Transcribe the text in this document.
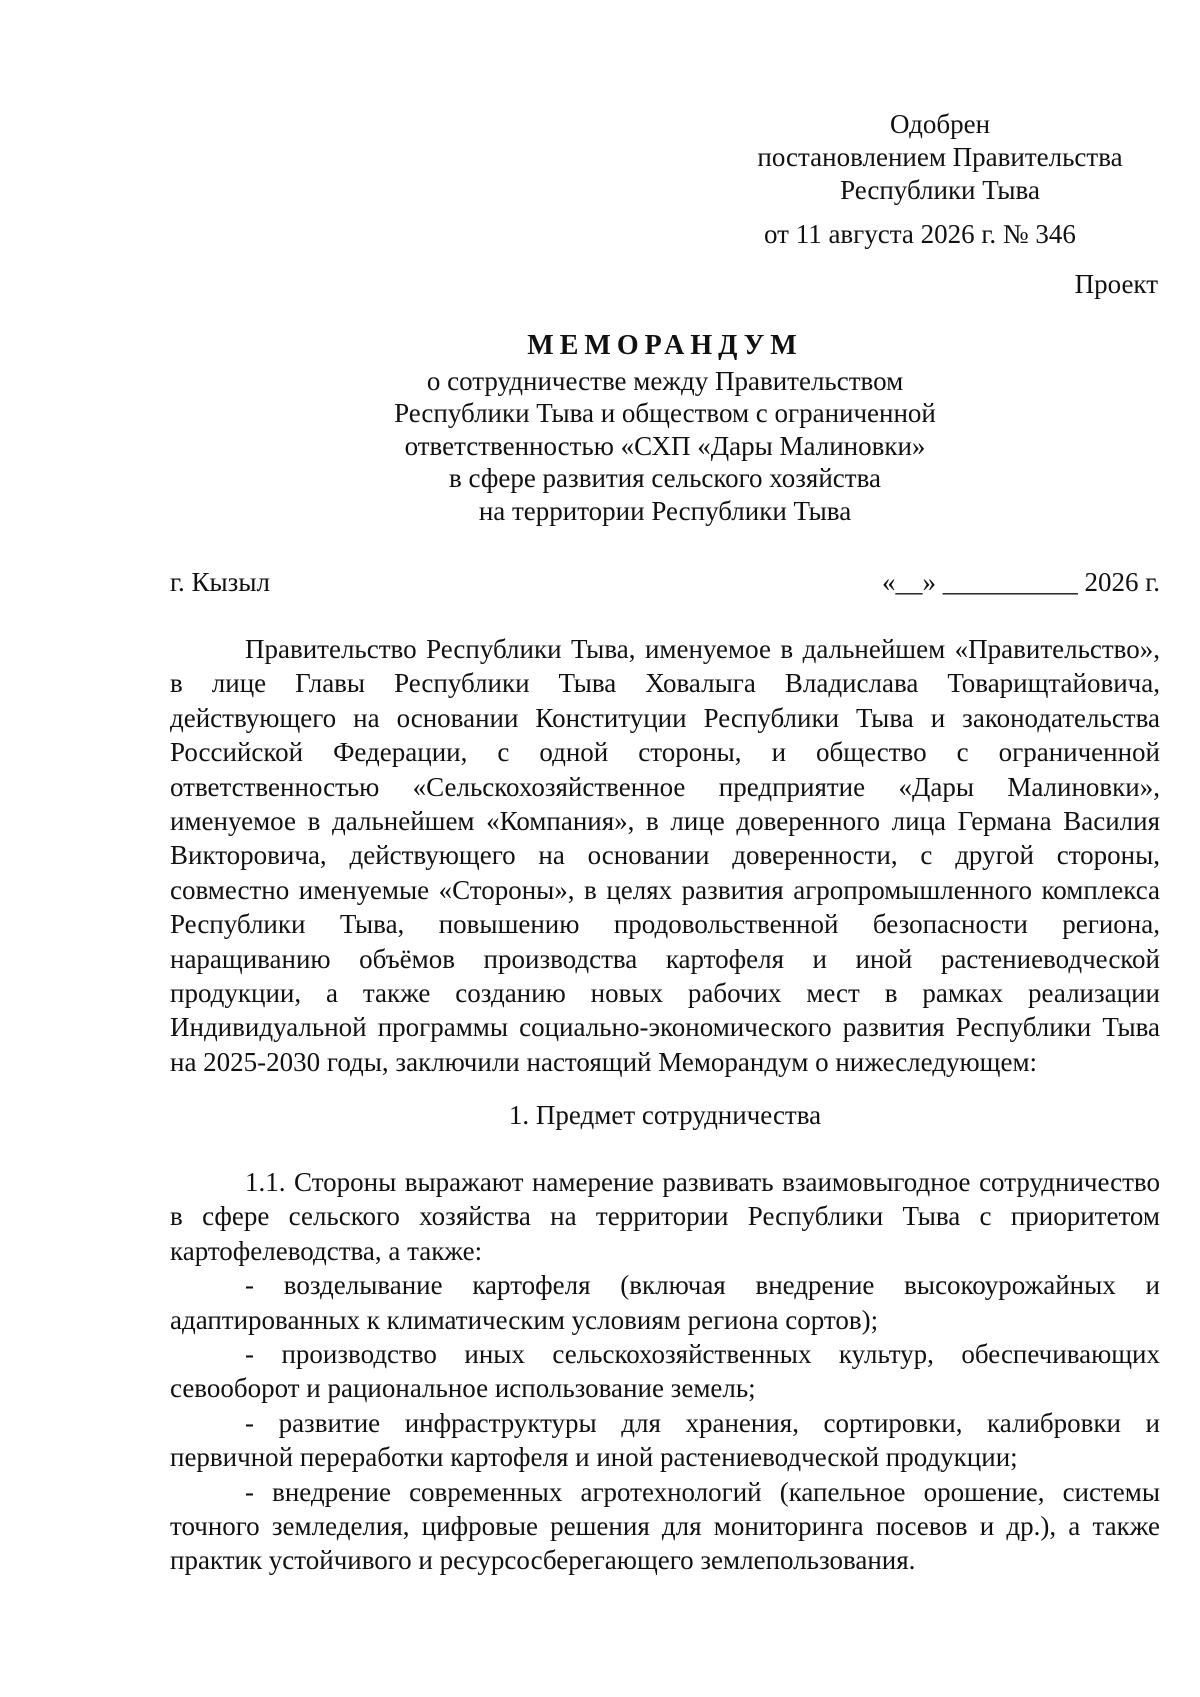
Одобрен
постановлением Правительства
Республики Тыва
от 11 августа 2026 г. № 346
Проект
МЕМОРАНДУМ
о сотрудничестве между Правительством
Республики Тыва и обществом с ограниченной
ответственностью «СХП «Дары Малиновки»
в сфере развития сельского хозяйства
на территории Республики Тыва
г. Кызыл	«__» __________ 2026 г.

Правительство Республики Тыва, именуемое в дальнейшем «Правительство», в лице Главы Республики Тыва Ховалыга Владислава Товарищтайовича, действующего на основании Конституции Республики Тыва и законодательства Российской Федерации, с одной стороны, и общество с ограниченной ответственностью «Сельскохозяйственное предприятие «Дары Малиновки», именуемое в дальнейшем «Компания», в лице доверенного лица Германа Василия Викторовича, действующего на основании доверенности, с другой стороны, совместно именуемые «Стороны», в целях развития агропромышленного комплекса Республики Тыва, повышению продовольственной безопасности региона, наращиванию объёмов производства картофеля и иной растениеводческой продукции, а также созданию новых рабочих мест в рамках реализации Индивидуальной программы социально-экономического развития Республики Тыва на 2025-2030 годы, заключили настоящий Меморандум о нижеследующем:

1. Предмет сотрудничества

1.1. Стороны выражают намерение развивать взаимовыгодное сотрудничество в сфере сельского хозяйства на территории Республики Тыва с приоритетом картофелеводства, а также:

- возделывание картофеля (включая внедрение высокоурожайных и адаптированных к климатическим условиям региона сортов);

- производство иных сельскохозяйственных культур, обеспечивающих севооборот и рациональное использование земель;

- развитие инфраструктуры для хранения, сортировки, калибровки и первичной переработки картофеля и иной растениеводческой продукции;

- внедрение современных агротехнологий (капельное орошение, системы точного земледелия, цифровые решения для мониторинга посевов и др.), а также практик устойчивого и ресурсосберегающего землепользования.
